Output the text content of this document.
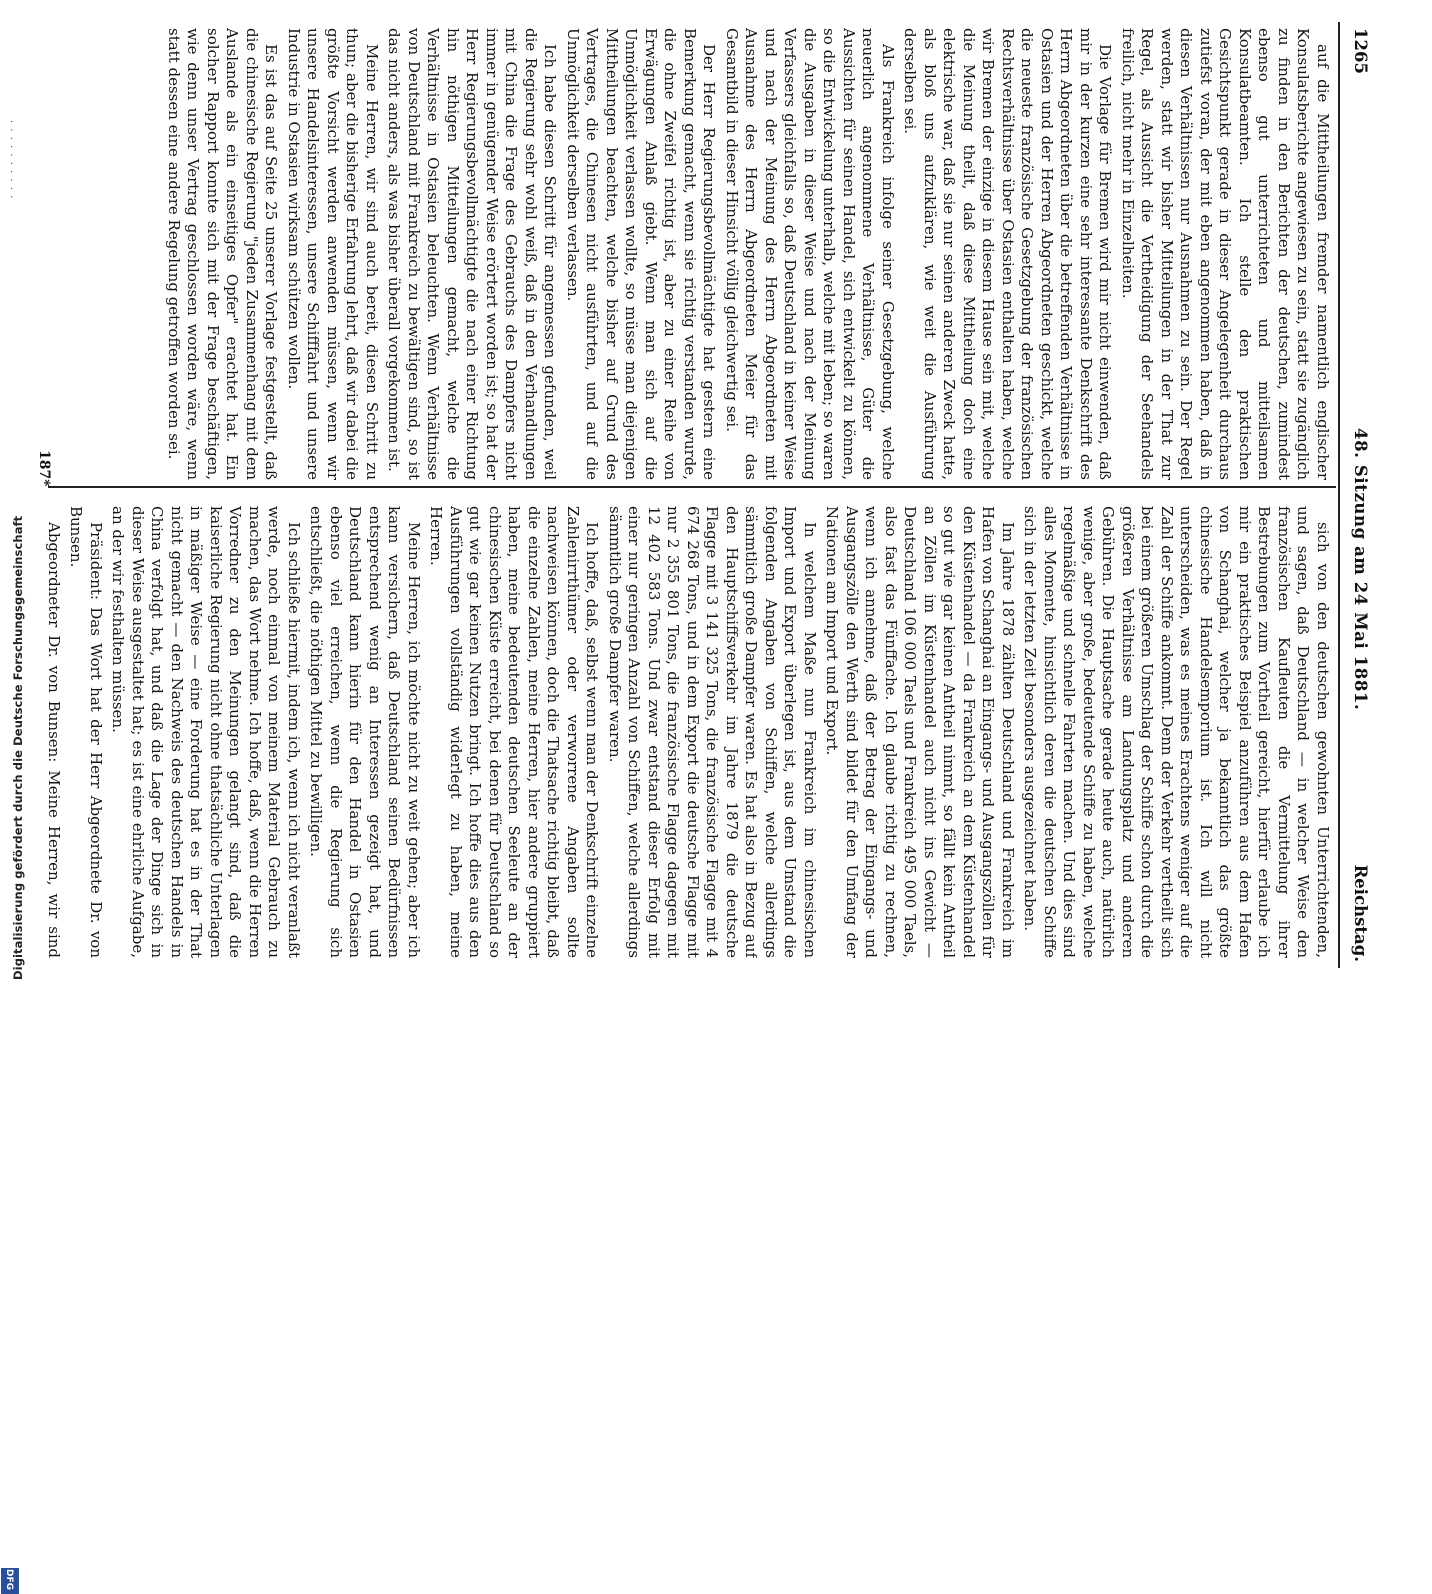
Digitalisierung gefördert durch die Deutsche Forschungsgemeinschaft
DFG
1265
48. Sitzung am 24 Mai 1881.
Reichstag.

auf die Mittheilungen fremder namentlich englischer Konsulatsberichte angewiesen zu sein, statt sie zugänglich zu finden in den Berichten der deutschen, zumindest ebenso gut unterrichteten und mitteilsamen Konsulatbeamten. Ich stelle den praktischen Gesichtspunkt gerade in dieser Angelegenheit durchaus zutiefst voran, der mit eben angenommen haben, daß in diesen Verhältnissen nur Ausnahmen zu sein. Der Regel werden, statt wir bisher Mitteilungen in der That zur Regel, als Aussicht die Vertheidigung der Seehandels freilich, nicht mehr in Einzelheiten.

Die Vorlage für Bremen wird mir nicht einwenden, daß mir in der kurzen eine sehr interessante Denkschrift des Herrn Abgeordneten über die betreffenden Verhältnisse in Ostasien und der Herren Abgeordneten geschickt, welche die neueste französische Gesetzgebung der französischen Rechtsverhältnisse über Ostasien enthalten haben, welche wir Bremen der einzige in diesem Hause sein mit, welche die Meinung theilt, daß diese Mittheilung doch eine elektrische war, daß sie nur seinen anderen Zweck hatte, als bloß uns aufzuklären, wie weit die Ausführung derselben sei.

Als Frankreich infolge seiner Gesetzgebung, welche neuerlich angenommene Verhältnisse, Güter die Aussichten für seinen Handel, sich entwickelt zu können, so die Entwickelung unterhalb, welche mit leben; so waren die Ausgaben in dieser Weise und nach der Meinung Verfassers gleichfalls so, daß Deutschland in keiner Weise und nach der Meinung des Herrn Abgeordneten mit Ausnahme des Herrn Abgeordneten Meier für das Gesamtbild in dieser Hinsicht völlig gleichwertig sei.

Der Herr Regierungsbevollmächtigte hat gestern eine Bemerkung gemacht, wenn sie richtig verstanden wurde, die ohne Zweifel richtig ist, aber zu einer Reihe von Erwägungen Anlaß giebt. Wenn man sich auf die Unmöglichkeit verlassen wollte, so müsse man diejenigen Mittheilungen beachten, welche bisher auf Grund des Vertrages, die Chinesen nicht ausführten, und auf die Unmöglichkeit derselben verlassen.

Ich habe diesen Schritt für angemessen gefunden, weil die Regierung sehr wohl weiß, daß in den Verhandlungen mit China die Frage des Gebrauchs des Dampfers nicht immer in genügender Weise erörtert worden ist; so hat der Herr Regierungsbevollmächtigte die nach einer Richtung hin nöthigen Mitteilungen gemacht, welche die Verhältnisse in Ostasien beleuchten. Wenn Verhältnisse von Deutschland mit Frankreich zu bewältigen sind, so ist das nicht anders, als was bisher überall vorgekommen ist.

Meine Herren, wir sind auch bereit, diesen Schritt zu thun; aber die bisherige Erfahrung lehrt, daß wir dabei die größte Vorsicht werden anwenden müssen, wenn wir unsere Handelsinteressen, unsere Schifffahrt und unsere Industrie in Ostasien wirksam schützen wollen.

Es ist das auf Seite 25 unserer Vorlage festgestellt, daß die chinesische Regierung "jeden Zusammenhang mit dem Auslande als ein einseitiges Opfer" erachtet hat. Ein solcher Rapport konnte sich mit der Frage beschäftigen, wie denn unser Vertrag geschlossen worden wäre, wenn statt dessen eine andere Regelung getroffen worden sei.

sich von den deutschen gewohnten Unterrichtenden, und sagen, daß Deutschland — in welcher Weise den französischen Kaufleuten die Vermittelung ihrer Bestrebungen zum Vortheil gereicht, hierfür erlaube ich mir ein praktisches Beispiel anzuführen aus dem Hafen von Schanghai, welcher ja bekanntlich das größte chinesische Handelsemporium ist. Ich will nicht unterscheiden, was es meines Erachtens weniger auf die Zahl der Schiffe ankommt. Denn der Verkehr vertheilt sich bei einem größeren Umschlag der Schiffe schon durch die größeren Verhältnisse am Landungsplatz und anderen Gebühren. Die Hauptsache gerade heute auch, natürlich wenige, aber große, bedeutende Schiffe zu haben, welche regelmäßige und schnelle Fahrten machen. Und dies sind alles Momente, hinsichtlich deren die deutschen Schiffe sich in der letzten Zeit besonders ausgezeichnet haben.

Im Jahre 1878 zählten Deutschland und Frankreich im Hafen von Schanghai an Eingangs- und Ausgangszöllen für den Küstenhandel — da Frankreich an dem Küstenhandel so gut wie gar keinen Antheil nimmt, so fällt kein Antheil an Zöllen im Küstenhandel auch nicht ins Gewicht — Deutschland 106 000 Taels und Frankreich 495 000 Taels, also fast das Fünffache. Ich glaube richtig zu rechnen, wenn ich annehme, daß der Betrag der Eingangs- und Ausgangszölle den Werth sind bildet für den Umfang der Nationen am Import und Export.

In welchem Maße nun Frankreich im chinesischen Import und Export überlegen ist, aus dem Umstand die folgenden Angaben von Schiffen, welche allerdings sämmtlich große Dampfer waren. Es hat also in Bezug auf den Hauptschiffsverkehr im Jahre 1879 die deutsche Flagge mit 3 141 325 Tons, die französische Flagge mit 4 674 268 Tons, und in dem Export die deutsche Flagge mit nur 2 355 801 Tons, die französische Flagge dagegen mit 12 402 583 Tons. Und zwar entstand dieser Erfolg mit einer nur geringen Anzahl von Schiffen, welche allerdings sämmtlich große Dampfer waren.

Ich hoffe, daß, selbst wenn man der Denkschrift einzelne Zahlenirrthümer oder verworrene Angaben sollte nachweisen können, doch die Thatsache richtig bleibt, daß die einzelne Zahlen, meine Herren, hier andere gruppiert haben, meine bedeutenden deutschen Seeleute an der chinesischen Küste erreicht, bei denen für Deutschland so gut wie gar keinen Nutzen bringt. Ich hoffe dies aus den Ausführungen vollständig widerlegt zu haben, meine Herren.

Meine Herren, ich möchte nicht zu weit gehen; aber ich kann versichern, daß Deutschland seinen Bedürfnissen entsprechend wenig an Interessen gezeigt hat, und Deutschland kann hierin für den Handel in Ostasien ebenso viel erreichen, wenn die Regierung sich entschließt, die nöthigen Mittel zu bewilligen.

Ich schließe hiermit, indem ich, wenn ich nicht veranlaßt werde, noch einmal von meinem Material Gebrauch zu machen, das Wort nehme. Ich hoffe, daß, wenn die Herren Vorredner zu den Meinungen gelangt sind, daß die kaiserliche Regierung nicht ohne thatsächliche Unterlagen in mäßiger Weise — eine Forderung hat es in der That nicht gemacht — den Nachweis des deutschen Handels in China verfolgt hat, und daß die Lage der Dinge sich in dieser Weise ausgestaltet hat; es ist eine ehrliche Aufgabe, an der wir festhalten müssen.

Präsident: Das Wort hat der Herr Abgeordnete Dr. von Bunsen.

Abgeordneter Dr. von Bunsen: Meine Herren, wir sind

187*
· · · · · · · · · ·
